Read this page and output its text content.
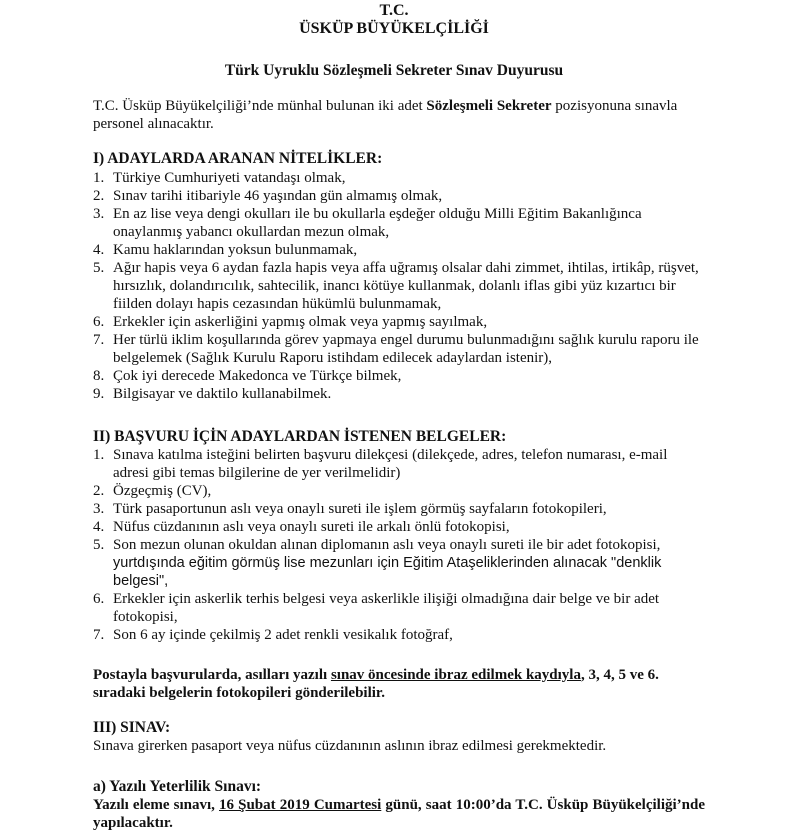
T.C.
ÜSKÜP BÜYÜKELÇİLİĞİ
Türk Uyruklu Sözleşmeli Sekreter Sınav Duyurusu

T.C. Üsküp Büyükelçiliği’nde münhal bulunan iki adet Sözleşmeli Sekreter pozisyonuna sınavla personel alınacaktır.

I) ADAYLARDA ARANAN NİTELİKLER:
1. Türkiye Cumhuriyeti vatandaşı olmak,
2. Sınav tarihi itibariyle 46 yaşından gün almamış olmak,
3. En az lise veya dengi okulları ile bu okullarla eşdeğer olduğu Milli Eğitim Bakanlığınca onaylanmış yabancı okullardan mezun olmak,
4. Kamu haklarından yoksun bulunmamak,
5. Ağır hapis veya 6 aydan fazla hapis veya affa uğramış olsalar dahi zimmet, ihtilas, irtikâp, rüşvet, hırsızlık, dolandırıcılık, sahtecilik, inancı kötüye kullanmak, dolanlı iflas gibi yüz kızartıcı bir fiilden dolayı hapis cezasından hükümlü bulunmamak,
6. Erkekler için askerliğini yapmış olmak veya yapmış sayılmak,
7. Her türlü iklim koşullarında görev yapmaya engel durumu bulunmadığını sağlık kurulu raporu ile belgelemek (Sağlık Kurulu Raporu istihdam edilecek adaylardan istenir),
8. Çok iyi derecede Makedonca ve Türkçe bilmek,
9. Bilgisayar ve daktilo kullanabilmek.
II) BAŞVURU İÇİN ADAYLARDAN İSTENEN BELGELER:
1. Sınava katılma isteğini belirten başvuru dilekçesi (dilekçede, adres, telefon numarası, e-mail adresi gibi temas bilgilerine de yer verilmelidir)
2. Özgeçmiş (CV),
3. Türk pasaportunun aslı veya onaylı sureti ile işlem görmüş sayfaların fotokopileri,
4. Nüfus cüzdanının aslı veya onaylı sureti ile arkalı önlü fotokopisi,
5. Son mezun olunan okuldan alınan diplomanın aslı veya onaylı sureti ile bir adet fotokopisi,
yurtdışında eğitim görmüş lise mezunları için Eğitim Ataşeliklerinden alınacak "denklik belgesi",
6. Erkekler için askerlik terhis belgesi veya askerlikle ilişiği olmadığına dair belge ve bir adet fotokopisi,
7. Son 6 ay içinde çekilmiş 2 adet renkli vesikalık fotoğraf,

Postayla başvurularda, asılları yazılı sınav öncesinde ibraz edilmek kaydıyla, 3, 4, 5 ve 6. sıradaki belgelerin fotokopileri gönderilebilir.

III) SINAV:

Sınava girerken pasaport veya nüfus cüzdanının aslının ibraz edilmesi gerekmektedir.

a) Yazılı Yeterlilik Sınavı:

Yazılı eleme sınavı, 16 Şubat 2019 Cumartesi günü, saat 10:00’da T.C. Üsküp Büyükelçiliği’nde yapılacaktır.
